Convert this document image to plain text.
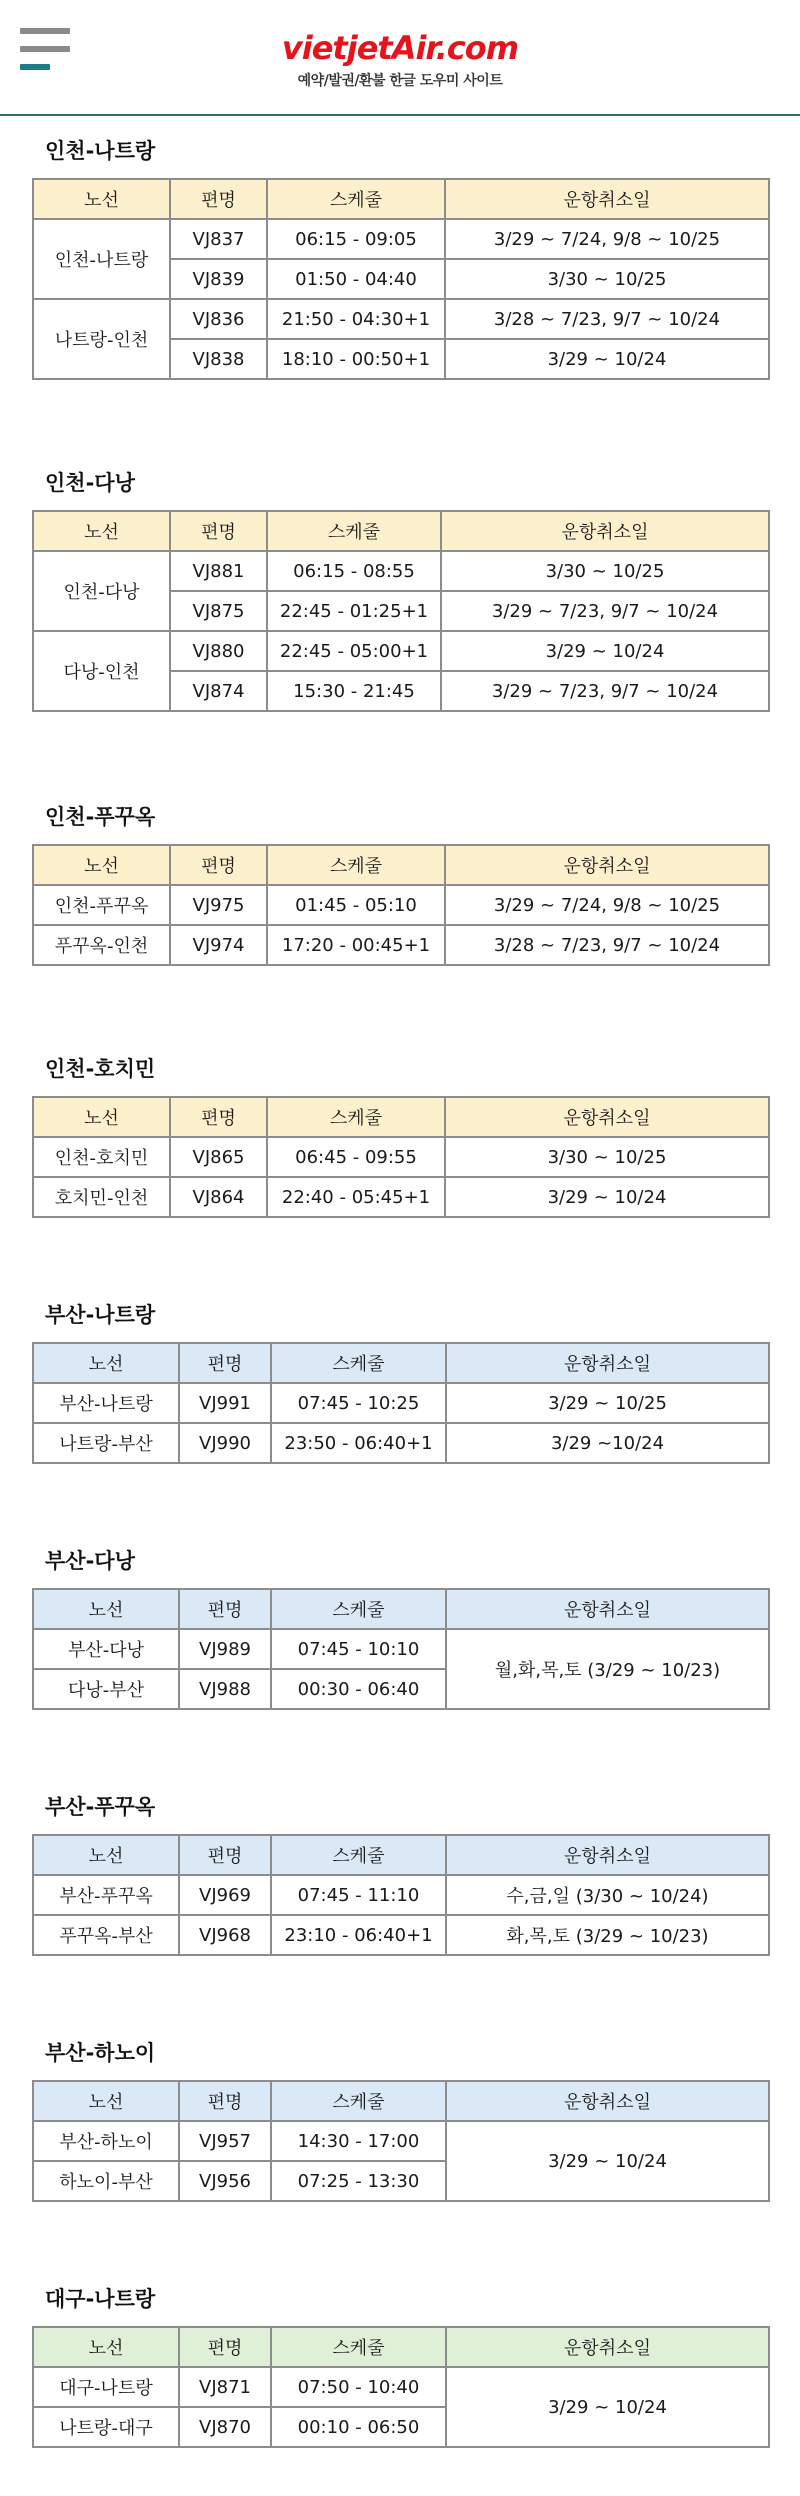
vietjetAir.com
예약/발권/환불 한글 도우미 사이트
인천-나트랑
노선	편명	스케줄	운항취소일
인천-나트랑	VJ837	06:15 - 09:05	3/29 ~ 7/24, 9/8 ~ 10/25
	VJ839	01:50 - 04:40	3/30 ~ 10/25
나트랑-인천	VJ836	21:50 - 04:30+1	3/28 ~ 7/23, 9/7 ~ 10/24
	VJ838	18:10 - 00:50+1	3/29 ~ 10/24
인천-다낭
노선	편명	스케줄	운항취소일
인천-다낭	VJ881	06:15 - 08:55	3/30 ~ 10/25
	VJ875	22:45 - 01:25+1	3/29 ~ 7/23, 9/7 ~ 10/24
다낭-인천	VJ880	22:45 - 05:00+1	3/29 ~ 10/24
	VJ874	15:30 - 21:45	3/29 ~ 7/23, 9/7 ~ 10/24
인천-푸꾸옥
노선	편명	스케줄	운항취소일
인천-푸꾸옥	VJ975	01:45 - 05:10	3/29 ~ 7/24, 9/8 ~ 10/25
푸꾸옥-인천	VJ974	17:20 - 00:45+1	3/28 ~ 7/23, 9/7 ~ 10/24
인천-호치민
노선	편명	스케줄	운항취소일
인천-호치민	VJ865	06:45 - 09:55	3/30 ~ 10/25
호치민-인천	VJ864	22:40 - 05:45+1	3/29 ~ 10/24
부산-나트랑
노선	편명	스케줄	운항취소일
부산-나트랑	VJ991	07:45 - 10:25	3/29 ~ 10/25
나트랑-부산	VJ990	23:50 - 06:40+1	3/29 ~10/24
부산-다낭
노선	편명	스케줄	운항취소일
부산-다낭	VJ989	07:45 - 10:10	월,화,목,토 (3/29 ~ 10/23)
다낭-부산	VJ988	00:30 - 06:40	
부산-푸꾸옥
노선	편명	스케줄	운항취소일
부산-푸꾸옥	VJ969	07:45 - 11:10	수,금,일 (3/30 ~ 10/24)
푸꾸옥-부산	VJ968	23:10 - 06:40+1	화,목,토 (3/29 ~ 10/23)
부산-하노이
노선	편명	스케줄	운항취소일
부산-하노이	VJ957	14:30 - 17:00	3/29 ~ 10/24
하노이-부산	VJ956	07:25 - 13:30	
대구-나트랑
노선	편명	스케줄	운항취소일
대구-나트랑	VJ871	07:50 - 10:40	3/29 ~ 10/24
나트랑-대구	VJ870	00:10 - 06:50	
